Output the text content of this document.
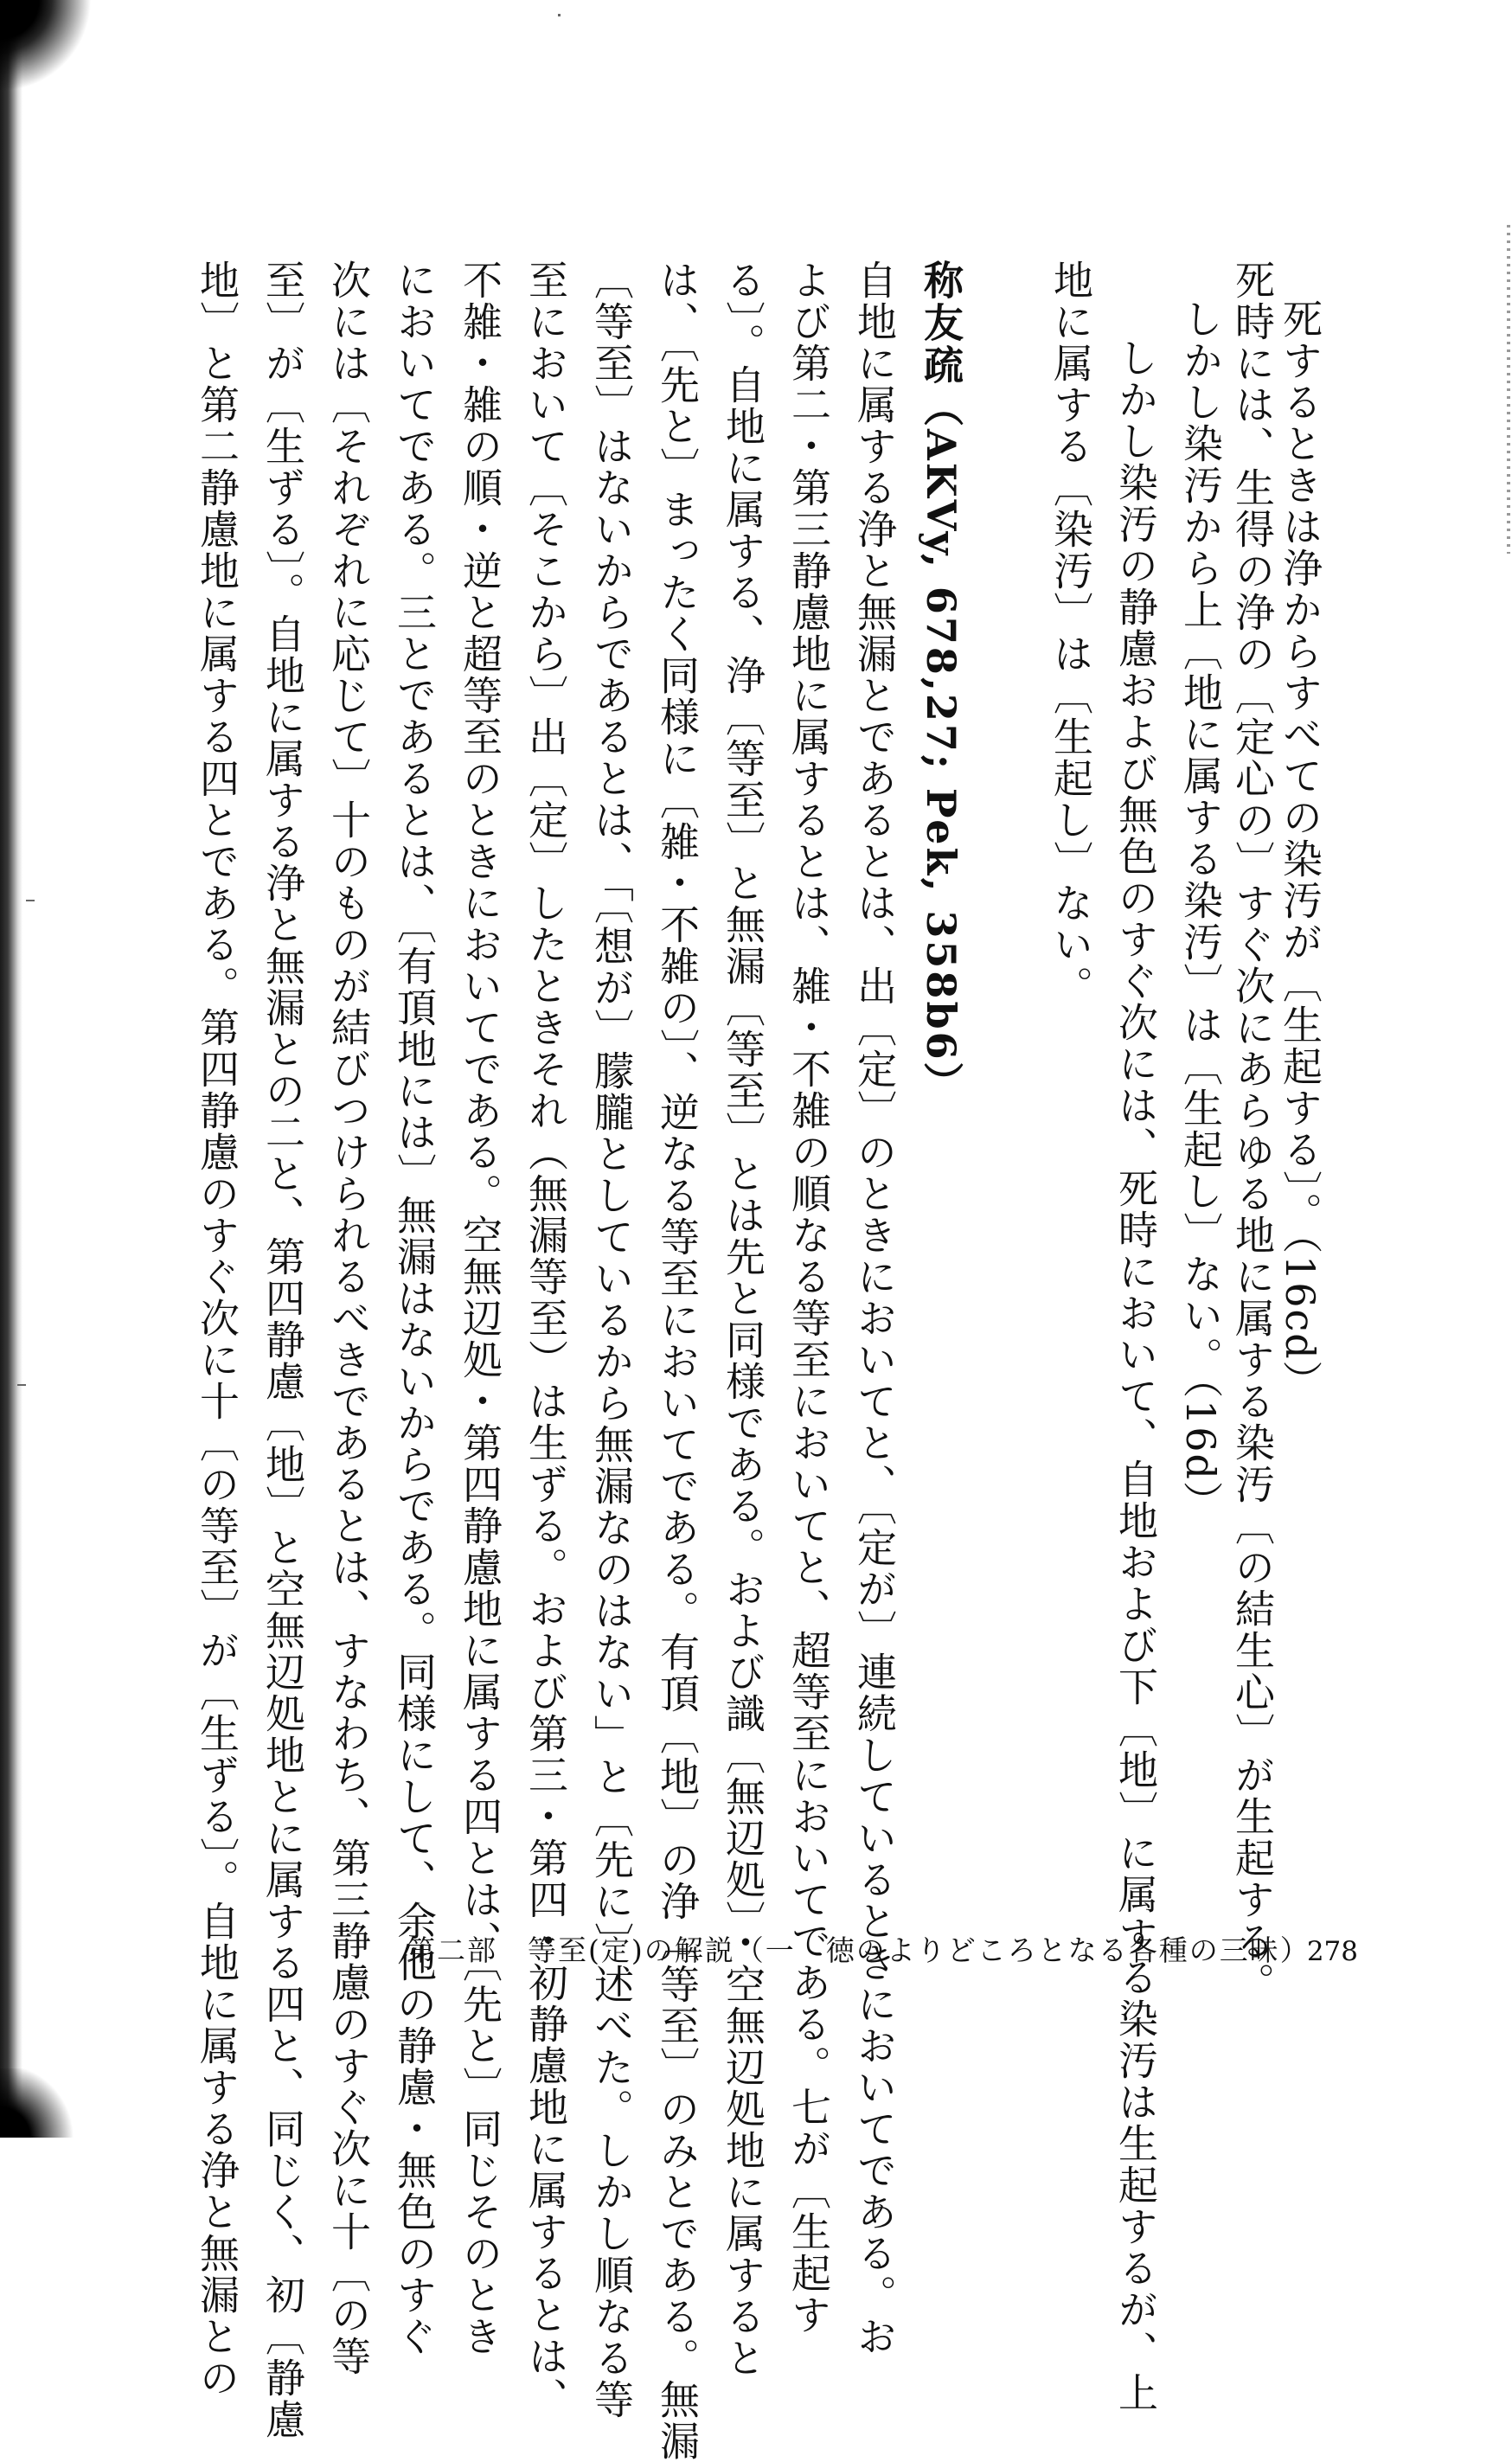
死するときは浄からすべての染汚が〔生起する〕。（16cd）
死時には、生得の浄の〔定心の〕すぐ次にあらゆる地に属する染汚〔の結生心〕が生起する。
しかし染汚から上〔地に属する染汚〕は〔生起し〕ない。（16d）
しかし染汚の静慮および無色のすぐ次には、死時において、自地および下〔地〕に属する染汚は生起するが、上
地に属する〔染汚〕は〔生起し〕ない。
称友疏（AKVy, 678,27; Pek, 358b6）
自地に属する浄と無漏とであるとは、出〔定〕のときにおいてと、〔定が〕連続しているときにおいてである。お
よび第二・第三静慮地に属するとは、雑・不雑の順なる等至においてと、超等至においてである。七が〔生起す
る〕。自地に属する、浄〔等至〕と無漏〔等至〕とは先と同様である。および識〔無辺処〕・空無辺処地に属すると
は、〔先と〕まったく同様に〔雑・不雑の〕、逆なる等至においてである。有頂〔地〕の浄〔等至〕のみとである。無漏
〔等至〕はないからであるとは、「〔想が〕朦朧としているから無漏なのはない」と〔先に〕述べた。しかし順なる等
至において〔そこから〕出〔定〕したときそれ（無漏等至）は生ずる。および第三・第四・初静慮地に属するとは、
不雑・雑の順・逆と超等至のときにおいてである。空無辺処・第四静慮地に属する四とは、〔先と〕同じそのとき
においてである。三とであるとは、〔有頂地には〕無漏はないからである。同様にして、余他の静慮・無色のすぐ
次には〔それぞれに応じて〕十のものが結びつけられるべきであるとは、すなわち、第三静慮のすぐ次に十〔の等
至〕が〔生ずる〕。自地に属する浄と無漏との二と、第四静慮〔地〕と空無辺処地とに属する四と、同じく、初〔静慮
地〕と第二静慮地に属する四とである。第四静慮のすぐ次に十〔の等至〕が〔生ずる〕。自地に属する浄と無漏との	第二部　等至(定)の解説（一　徳のよりどころとなる各種の三昧）
278
